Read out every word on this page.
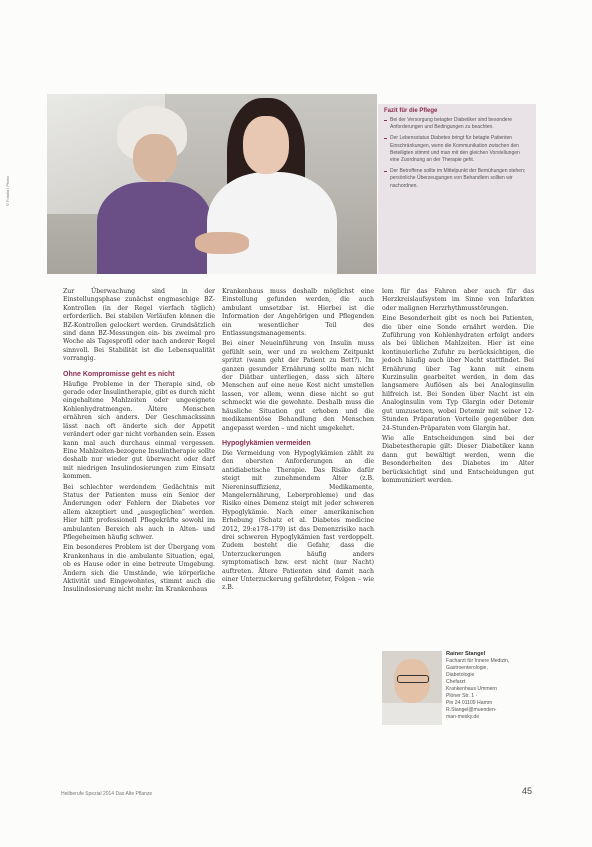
© Fotolia / Photo
Fazit für die Pflege
Bei der Versorgung betagter Diabetiker sind besondere Anforderungen und Bedingungen zu beachten.
Der Lebensstatus Diabetes bringt für betagte Patienten Einschränkungen, wenn die Kommunikation zwischen den Beteiligten stimmt und man mit den gleichen Vorstellungen eine Zuordnung an der Therapie geht.
Der Betroffene sollte im Mittelpunkt der Bemühungen stehen; persönliche Überzeugungen von Behandlern sollten wir nachordnen.

Zur Überwachung sind in der Einstellungsphase zunächst engmaschige BZ-Kontrollen (in der Regel vierfach täglich) erforderlich. Bei stabilen Verläufen können die BZ-Kontrollen gelockert werden. Grundsätzlich sind dann BZ-Messungen ein- bis zweimal pro Woche als Tagesprofil oder nach anderer Regel sinnvoll. Bei Stabilität ist die Lebensqualität vorrangig.

Ohne Kompromisse geht es nicht

Häufige Probleme in der Therapie sind, ob gerade oder Insulintherapie, gibt es durch nicht eingehaltene Mahlzeiten oder ungeeignete Kohlenhydratmengen. Ältere Menschen ernähren sich anders. Der Geschmackssinn lässt nach oft änderte sich der Appetit verändert oder gar nicht vorhanden sein. Essen kann mal auch durchaus einmal vergessen. Eine Mahlzeiten-bezogene Insulintherapie sollte deshalb nur wieder gut überwacht oder darf mit niedrigen Insulindosierungen zum Einsatz kommen.

Bei schlechter werdendem Gedächtnis mit Status der Patienten muss ein Senior der Änderungen oder Fehlern der Diabetes vor allem akzeptiert und „ausgeglichen“ werden. Hier hilft professionell Pflegekräfte sowohl im ambulanten Bereich als auch in Alten- und Pflegeheimen häufig schwer.

Ein besonderes Problem ist der Übergang vom Krankenhaus in die ambulante Situation, egal, ob es Hause oder in eine betreute Umgebung. Ändern sich die Umstände, wie körperliche Aktivität und Eingewohntes, stimmt auch die Insulindosierung nicht mehr. Im Krankenhaus

Krankenhaus muss deshalb möglichst eine Einstellung gefunden werden, die auch ambulant umsetzbar ist. Hierbei ist die Information der Angehörigen und Pflegenden ein wesentlicher Teil des Entlassungsmanagements.

Bei einer Neueinführung von Insulin muss gefühlt sein, wer und zu welchem Zeitpunkt spritzt (wann geht der Patient zu Bett?). Im ganzen gesunder Ernährung sollte man nicht der Diätbar unterliegen, dass sich ältere Menschen auf eine neue Kost nicht umstellen lassen, vor allem, wenn diese nicht so gut schmeckt wie die gewohnte. Deshalb muss die häusliche Situation gut erhoben und die medikamentöse Behandlung den Menschen angepasst werden – und nicht umgekehrt.

Hypoglykämien vermeiden

Die Vermeidung von Hypoglykämien zählt zu den obersten Anforderungen an die antidiabetische Therapie. Das Risiko dafür steigt mit zunehmendem Alter (z.B. Niereninsuffizienz, Medikamente, Mangelernährung, Leberprobleme) und das Risiko eines Demenz steigt mit jeder schweren Hypoglykämie. Nach einer amerikanischen Erhebung (Schatz et al. Diabetes medicine 2012, 29:e178–179) ist das Demenzrisiko nach drei schweren Hypoglykämien fast verdoppelt. Zudem besteht die Gefahr, dass die Unterzuckerungen häufig anders symptomatisch bzw. erst nicht (nur Nacht) auftreten. Ältere Patienten sind damit nach einer Unterzuckerung gefährdeter, Folgen – wie z.B.

lem für das Fahren aber auch für das Herzkreislaufsystem im Sinne von Infarkten oder malignen Herzrhythmusstörungen.

Eine Besonderheit gibt es noch bei Patienten, die über eine Sonde ernährt werden. Die Zuführung von Kohlenhydraten erfolgt anders als bei üblichen Mahlzeiten. Hier ist eine kontinuierliche Zufuhr zu berücksichtigen, die jedoch häufig auch über Nacht stattfindet. Bei Ernährung über Tag kann mit einem Kurzinsulin gearbeitet werden, in dem das langsamere Auflösen als bei Analoginsulin hilfreich ist. Bei Sonden über Nacht ist ein Analoginsulin vom Typ Glargin oder Detemir gut umzusetzen, wobei Detemir mit seiner 12-Stunden Präparation Vorteile gegenüber den 24-Stunden-Präparaten vom Glargin hat.

Wie alle Entscheidungen sind bei der Diabetestherapie gilt: Dieser Diabetiker kann dann gut bewältigt werden, wenn die Besonderheiten des Diabetes im Alter berücksichtigt sind und Entscheidungen gut kommuniziert werden.

Rainer Stangel
Facharzt für Innere Medizin, Gastroenterologie,
Diabetologie
Chefarzt
Krankenhaus Ummern
Plöner Str. 1 ·
Pin 24 01109 Hamm
R.Stangel@muenden-
man-mesky.de
Heilberufe Spezial 2014 Das Alte Pflanze	45
